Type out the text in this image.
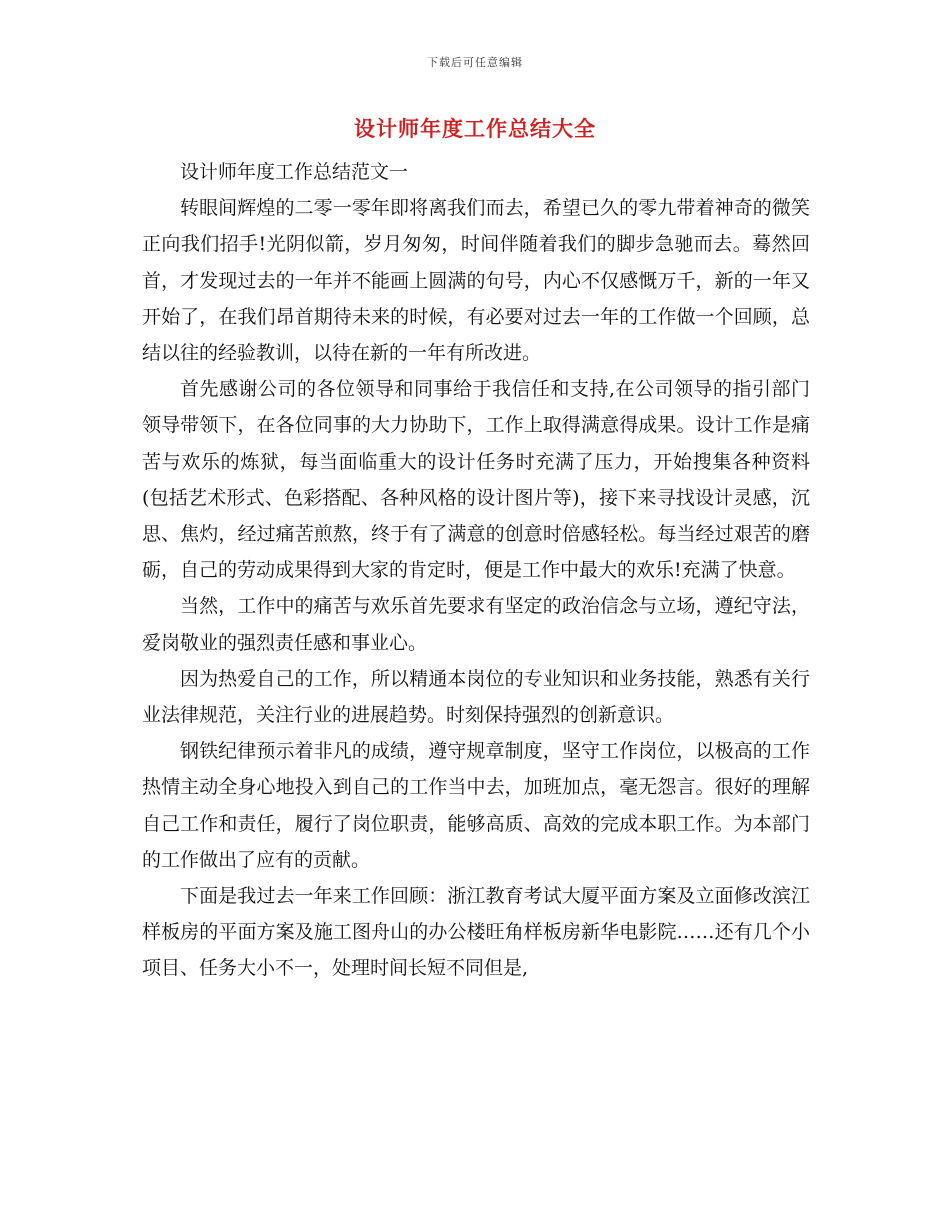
下载后可任意编辑
设计师年度工作总结大全

设计师年度工作总结范文一

转眼间辉煌的二零一零年即将离我们而去，希望已久的零九带着神奇的微笑正向我们招手!光阴似箭，岁月匆匆，时间伴随着我们的脚步急驰而去。蓦然回首，才发现过去的一年并不能画上圆满的句号，内心不仅感慨万千，新的一年又开始了，在我们昂首期待未来的时候，有必要对过去一年的工作做一个回顾，总结以往的经验教训，以待在新的一年有所改进。

首先感谢公司的各位领导和同事给于我信任和支持,在公司领导的指引部门领导带领下，在各位同事的大力协助下，工作上取得满意得成果。设计工作是痛苦与欢乐的炼狱，每当面临重大的设计任务时充满了压力，开始搜集各种资料(包括艺术形式、色彩搭配、各种风格的设计图片等)，接下来寻找设计灵感，沉思、焦灼，经过痛苦煎熬，终于有了满意的创意时倍感轻松。每当经过艰苦的磨砺，自己的劳动成果得到大家的肯定时，便是工作中最大的欢乐!充满了快意。

当然，工作中的痛苦与欢乐首先要求有坚定的政治信念与立场，遵纪守法，爱岗敬业的强烈责任感和事业心。

因为热爱自己的工作，所以精通本岗位的专业知识和业务技能，熟悉有关行业法律规范，关注行业的进展趋势。时刻保持强烈的创新意识。

钢铁纪律预示着非凡的成绩，遵守规章制度，坚守工作岗位，以极高的工作热情主动全身心地投入到自己的工作当中去，加班加点，毫无怨言。很好的理解自己工作和责任，履行了岗位职责，能够高质、高效的完成本职工作。为本部门的工作做出了应有的贡献。

下面是我过去一年来工作回顾：浙江教育考试大厦平面方案及立面修改滨江样板房的平面方案及施工图舟山的办公楼旺角样板房新华电影院……还有几个小项目、任务大小不一，处理时间长短不同但是,
